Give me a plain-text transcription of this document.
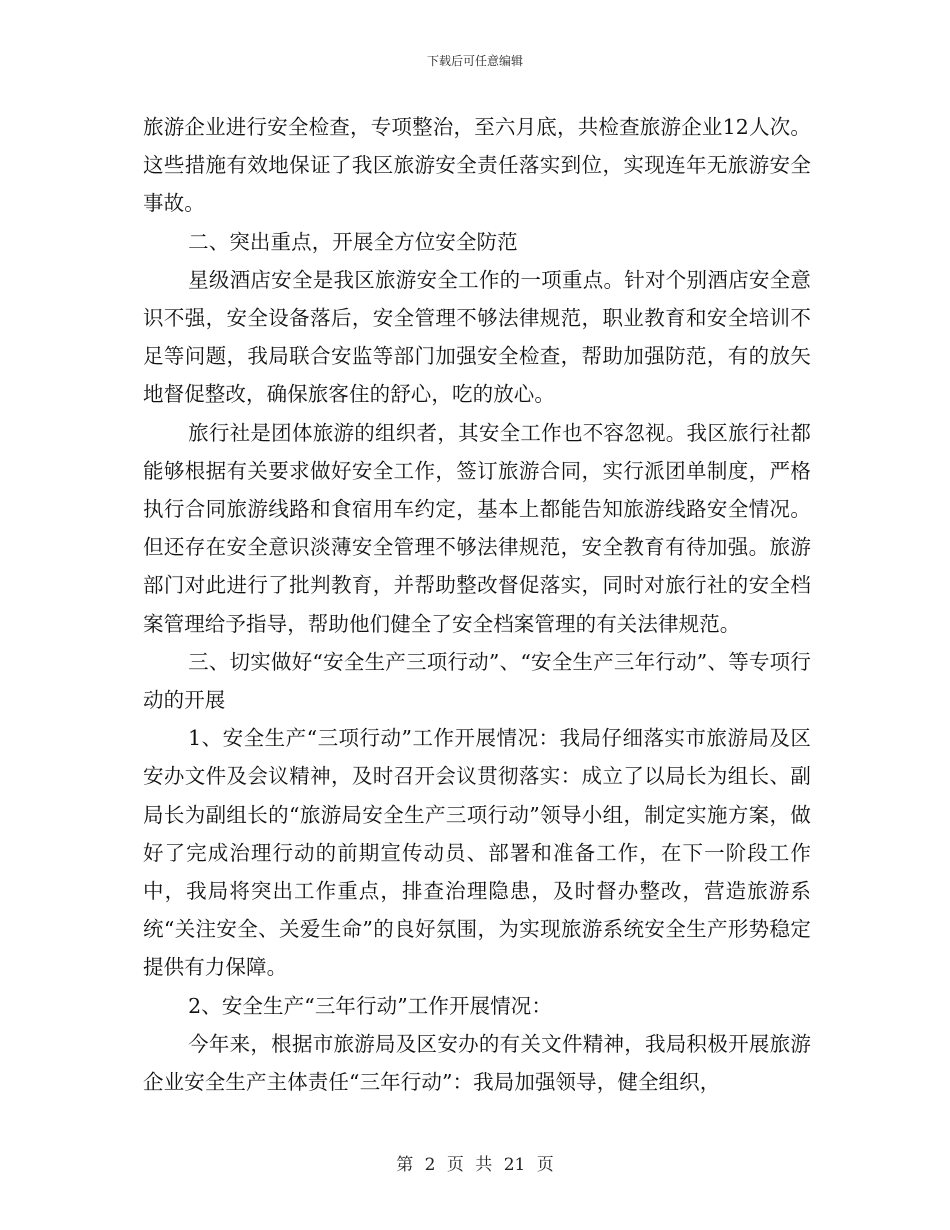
下载后可任意编辑

旅游企业进行安全检查，专项整治，至六月底，共检查旅游企业12人次。这些措施有效地保证了我区旅游安全责任落实到位，实现连年无旅游安全事故。

二、突出重点，开展全方位安全防范

星级酒店安全是我区旅游安全工作的一项重点。针对个别酒店安全意识不强，安全设备落后，安全管理不够法律规范，职业教育和安全培训不足等问题，我局联合安监等部门加强安全检查，帮助加强防范，有的放矢地督促整改，确保旅客住的舒心，吃的放心。

旅行社是团体旅游的组织者，其安全工作也不容忽视。我区旅行社都能够根据有关要求做好安全工作，签订旅游合同，实行派团单制度，严格执行合同旅游线路和食宿用车约定，基本上都能告知旅游线路安全情况。但还存在安全意识淡薄安全管理不够法律规范，安全教育有待加强。旅游部门对此进行了批判教育，并帮助整改督促落实，同时对旅行社的安全档案管理给予指导，帮助他们健全了安全档案管理的有关法律规范。

三、切实做好“安全生产三项行动”、“安全生产三年行动”、等专项行动的开展

1、安全生产“三项行动”工作开展情况：我局仔细落实市旅游局及区安办文件及会议精神，及时召开会议贯彻落实：成立了以局长为组长、副局长为副组长的“旅游局安全生产三项行动”领导小组，制定实施方案，做好了完成治理行动的前期宣传动员、部署和准备工作，在下一阶段工作中，我局将突出工作重点，排查治理隐患，及时督办整改，营造旅游系统“关注安全、关爱生命”的良好氛围，为实现旅游系统安全生产形势稳定提供有力保障。

2、安全生产“三年行动”工作开展情况：

今年来，根据市旅游局及区安办的有关文件精神，我局积极开展旅游企业安全生产主体责任“三年行动”：我局加强领导，健全组织，

第 2 页 共 21 页
